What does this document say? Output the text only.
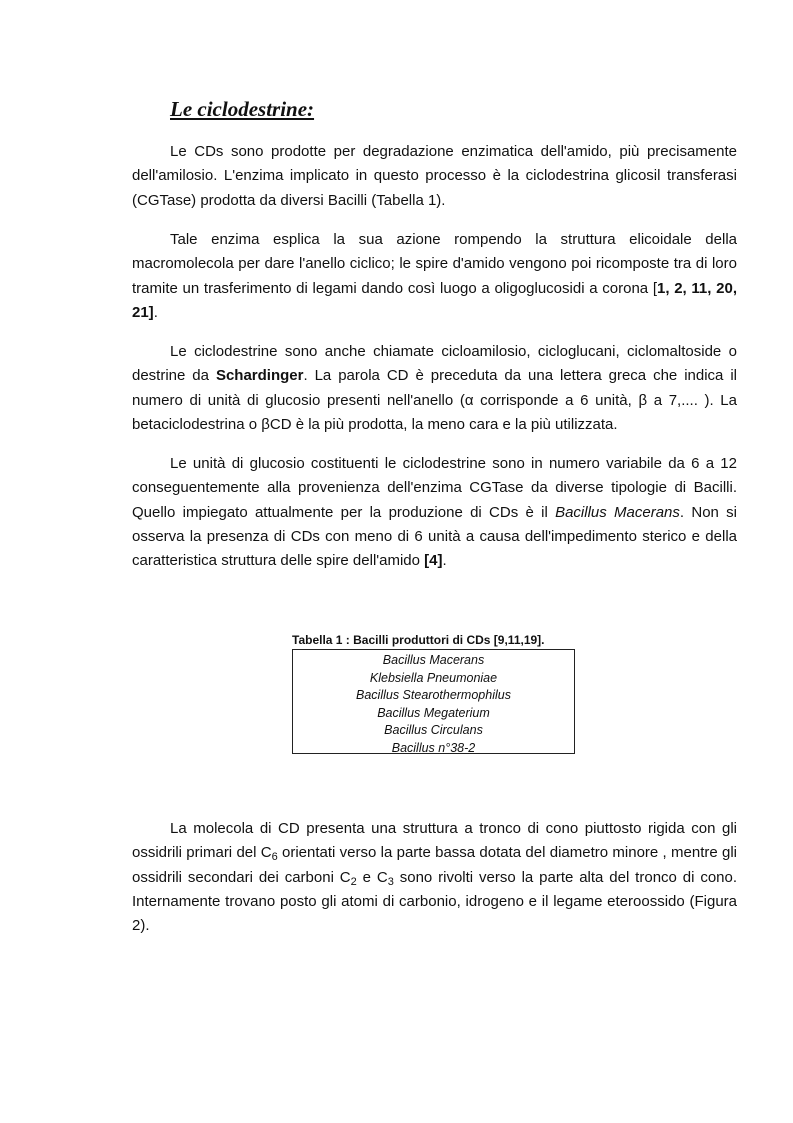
Le ciclodestrine:

Le CDs sono prodotte per degradazione enzimatica dell'amido, più precisamente dell'amilosio. L'enzima implicato in questo processo è la ciclodestrina glicosil transferasi (CGTase) prodotta da diversi Bacilli (Tabella 1).

Tale enzima esplica la sua azione rompendo la struttura elicoidale della macromolecola per dare l'anello ciclico; le spire d'amido vengono poi ricomposte tra di loro tramite un trasferimento di legami dando così luogo a oligoglucosidi a corona [1, 2, 11, 20, 21].

Le ciclodestrine sono anche chiamate cicloamilosio, cicloglucani, ciclomaltoside o destrine da Schardinger. La parola CD è preceduta da una lettera greca che indica il numero di unità di glucosio presenti nell'anello (α corrisponde a 6 unità, β a 7,.... ). La betaciclodestrina o βCD è la più prodotta, la meno cara e la più utilizzata.

Le unità di glucosio costituenti le ciclodestrine sono in numero variabile da 6 a 12 conseguentemente alla provenienza dell'enzima CGTase da diverse tipologie di Bacilli. Quello impiegato attualmente per la produzione di CDs è il Bacillus Macerans. Non si osserva la presenza di CDs con meno di 6 unità a causa dell'impedimento sterico e della caratteristica struttura delle spire dell'amido [4].

Tabella 1 : Bacilli produttori di CDs [9,11,19].
Bacillus Macerans
Klebsiella Pneumoniae
Bacillus Stearothermophilus
Bacillus Megaterium
Bacillus Circulans
Bacillus n°38-2

La molecola di CD presenta una struttura a tronco di cono piuttosto rigida con gli ossidrili primari del $C_6$ orientati verso la parte bassa dotata del diametro minore , mentre gli ossidrili secondari dei carboni $C_2$ e $C_3$ sono rivolti verso la parte alta del tronco di cono. Internamente trovano posto gli atomi di carbonio, idrogeno e il legame eteroossido (Figura 2).
